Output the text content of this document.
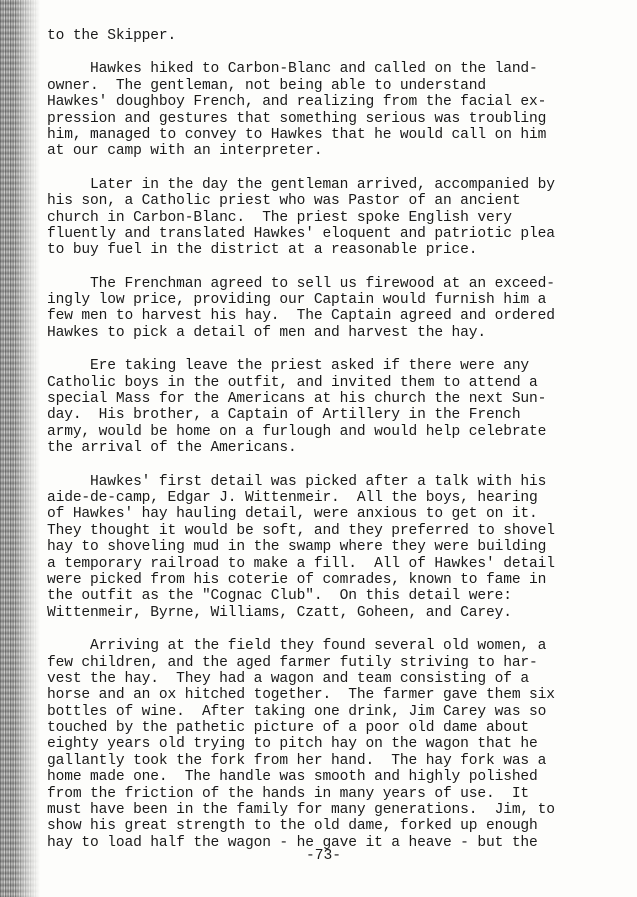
to the Skipper.
Hawkes hiked to Carbon-Blanc and called on the land-
owner.  The gentleman, not being able to understand
Hawkes' doughboy French, and realizing from the facial ex-
pression and gestures that something serious was troubling
him, managed to convey to Hawkes that he would call on him
at our camp with an interpreter.
Later in the day the gentleman arrived, accompanied by
his son, a Catholic priest who was Pastor of an ancient
church in Carbon-Blanc.  The priest spoke English very
fluently and translated Hawkes' eloquent and patriotic plea
to buy fuel in the district at a reasonable price.
The Frenchman agreed to sell us firewood at an exceed-
ingly low price, providing our Captain would furnish him a
few men to harvest his hay.  The Captain agreed and ordered
Hawkes to pick a detail of men and harvest the hay.
Ere taking leave the priest asked if there were any
Catholic boys in the outfit, and invited them to attend a
special Mass for the Americans at his church the next Sun-
day.  His brother, a Captain of Artillery in the French
army, would be home on a furlough and would help celebrate
the arrival of the Americans.
Hawkes' first detail was picked after a talk with his
aide-de-camp, Edgar J. Wittenmeir.  All the boys, hearing
of Hawkes' hay hauling detail, were anxious to get on it.
They thought it would be soft, and they preferred to shovel
hay to shoveling mud in the swamp where they were building
a temporary railroad to make a fill.  All of Hawkes' detail
were picked from his coterie of comrades, known to fame in
the outfit as the "Cognac Club".  On this detail were:
Wittenmeir, Byrne, Williams, Czatt, Goheen, and Carey.
Arriving at the field they found several old women, a
few children, and the aged farmer futily striving to har-
vest the hay.  They had a wagon and team consisting of a
horse and an ox hitched together.  The farmer gave them six
bottles of wine.  After taking one drink, Jim Carey was so
touched by the pathetic picture of a poor old dame about
eighty years old trying to pitch hay on the wagon that he
gallantly took the fork from her hand.  The hay fork was a
home made one.  The handle was smooth and highly polished
from the friction of the hands in many years of use.  It
must have been in the family for many generations.  Jim, to
show his great strength to the old dame, forked up enough
hay to load half the wagon - he gave it a heave - but the
-73-
